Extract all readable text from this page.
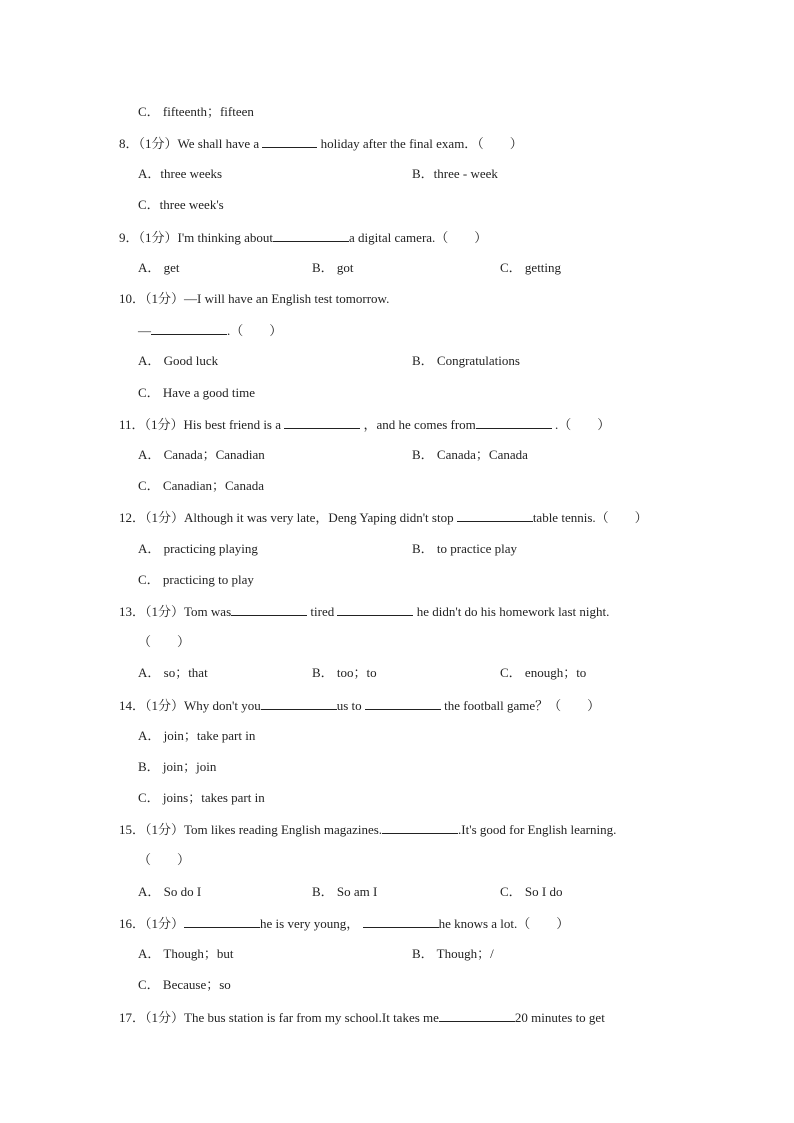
C． fifteenth；fifteen
8．（1分）We shall have a	holiday after the final exam．（　　）
A．three weeks	B．three - week
C．three week's
9．（1分）I'm thinking about	a digital camera.（　　）
A． get	B． got	C． getting
10．（1分）—I will have an English test tomorrow.
—	.（　　）
A． Good luck	B． Congratulations
C． Have a good time
11．（1分）His best friend is a	，and he comes from	.（　　）
A． Canada；Canadian	B． Canada；Canada
C． Canadian；Canada
12．（1分）Although it was very late，Deng Yaping didn't stop	table tennis.（　　）
A． practicing playing	B． to practice play
C． practicing to play
13．（1分）Tom was	tired	he didn't do his homework last night.
（　　）
A． so；that	B． too；to	C． enough；to
14．（1分）Why don't you	us to	the football game？（　　）
A． join；take part in
B． join；join
C． joins；takes part in
15．（1分）Tom likes reading English magazines.	.It's good for English learning.
（　　）
A． So do I	B． So am I	C． So I do
16．（1分）	he is very young，	he knows a lot.（　　）
A． Though；but	B． Though；/
C． Because；so
17．（1分）The bus station is far from my school.It takes me	20 minutes to get
